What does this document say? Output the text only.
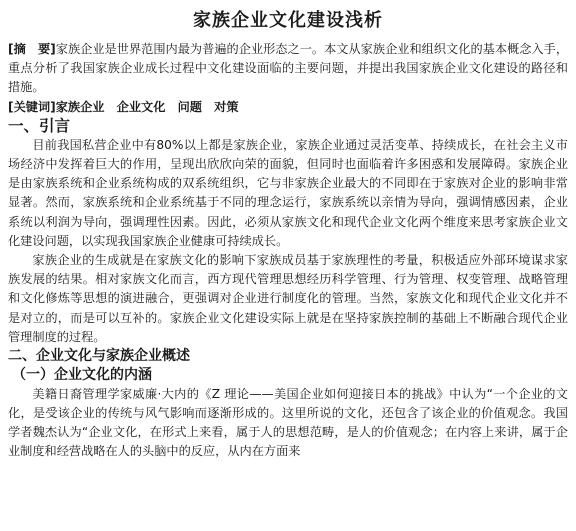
家族企业文化建设浅析

[摘　要]家族企业是世界范围内最为普遍的企业形态之一。本文从家族企业和组织文化的基本概念入手，重点分析了我国家族企业成长过程中文化建设面临的主要问题，并提出我国家族企业文化建设的路径和措施。

[关键词]家族企业　企业文化　问题　对策

一、引言

目前我国私营企业中有80%以上都是家族企业，家族企业通过灵活变革、持续成长，在社会主义市场经济中发挥着巨大的作用，呈现出欣欣向荣的面貌，但同时也面临着许多困惑和发展障碍。家族企业是由家族系统和企业系统构成的双系统组织，它与非家族企业最大的不同即在于家族对企业的影响非常显著。然而，家族系统和企业系统基于不同的理念运行，家族系统以亲情为导向，强调情感因素，企业系统以利润为导向，强调理性因素。因此，必须从家族文化和现代企业文化两个维度来思考家族企业文化建设问题，以实现我国家族企业健康可持续成长。

家族企业的生成就是在家族文化的影响下家族成员基于家族理性的考量，积极适应外部环境谋求家族发展的结果。相对家族文化而言，西方现代管理思想经历科学管理、行为管理、权变管理、战略管理和文化修炼等思想的演进融合，更强调对企业进行制度化的管理。当然，家族文化和现代企业文化并不是对立的，而是可以互补的。家族企业文化建设实际上就是在坚持家族控制的基础上不断融合现代企业管理制度的过程。

二、企业文化与家族企业概述
（一）企业文化的内涵

美籍日裔管理学家威廉·大内的《Z 理论——美国企业如何迎接日本的挑战》中认为“一个企业的文化，是受该企业的传统与风气影响而逐渐形成的。这里所说的文化，还包含了该企业的价值观念。我国学者魏杰认为“企业文化，在形式上来看，属于人的思想范畴，是人的价值观念；在内容上来讲，属于企业制度和经营战略在人的头脑中的反应，从内在方面来
